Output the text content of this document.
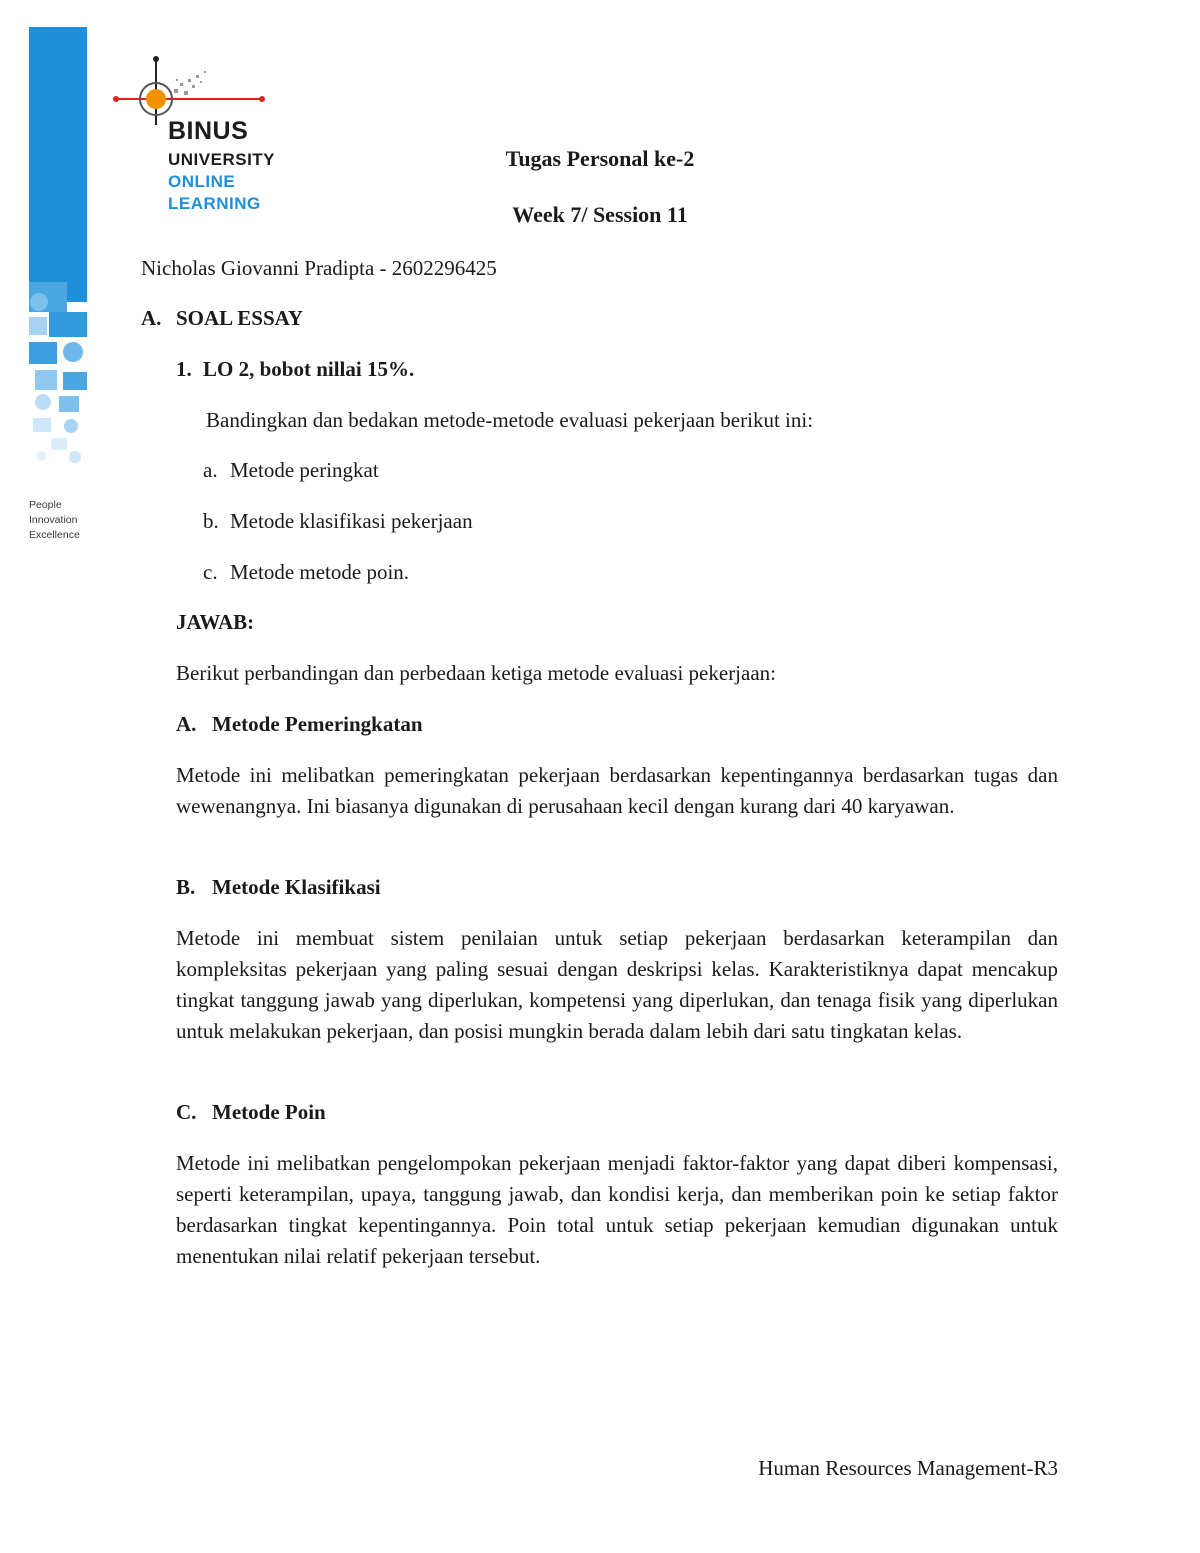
People
Innovation
Excellence
BINUS
UNIVERSITY
ONLINE
LEARNING
Tugas Personal ke-2
Week 7/ Session 11
Nicholas Giovanni Pradipta - 2602296425
A. SOAL ESSAY
1. LO 2, bobot nillai 15%.
Bandingkan dan bedakan metode-metode evaluasi pekerjaan berikut ini:
a. Metode peringkat
b. Metode klasifikasi pekerjaan
c. Metode metode poin.
JAWAB:
Berikut perbandingan dan perbedaan ketiga metode evaluasi pekerjaan:
A. Metode Pemeringkatan
Metode ini melibatkan pemeringkatan pekerjaan berdasarkan kepentingannya berdasarkan tugas dan wewenangnya. Ini biasanya digunakan di perusahaan kecil dengan kurang dari 40 karyawan.
B. Metode Klasifikasi
Metode ini membuat sistem penilaian untuk setiap pekerjaan berdasarkan keterampilan dan kompleksitas pekerjaan yang paling sesuai dengan deskripsi kelas. Karakteristiknya dapat mencakup tingkat tanggung jawab yang diperlukan, kompetensi yang diperlukan, dan tenaga fisik yang diperlukan untuk melakukan pekerjaan, dan posisi mungkin berada dalam lebih dari satu tingkatan kelas.
C. Metode Poin
Metode ini melibatkan pengelompokan pekerjaan menjadi faktor-faktor yang dapat diberi kompensasi, seperti keterampilan, upaya, tanggung jawab, dan kondisi kerja, dan memberikan poin ke setiap faktor berdasarkan tingkat kepentingannya. Poin total untuk setiap pekerjaan kemudian digunakan untuk menentukan nilai relatif pekerjaan tersebut.
Human Resources Management-R3
